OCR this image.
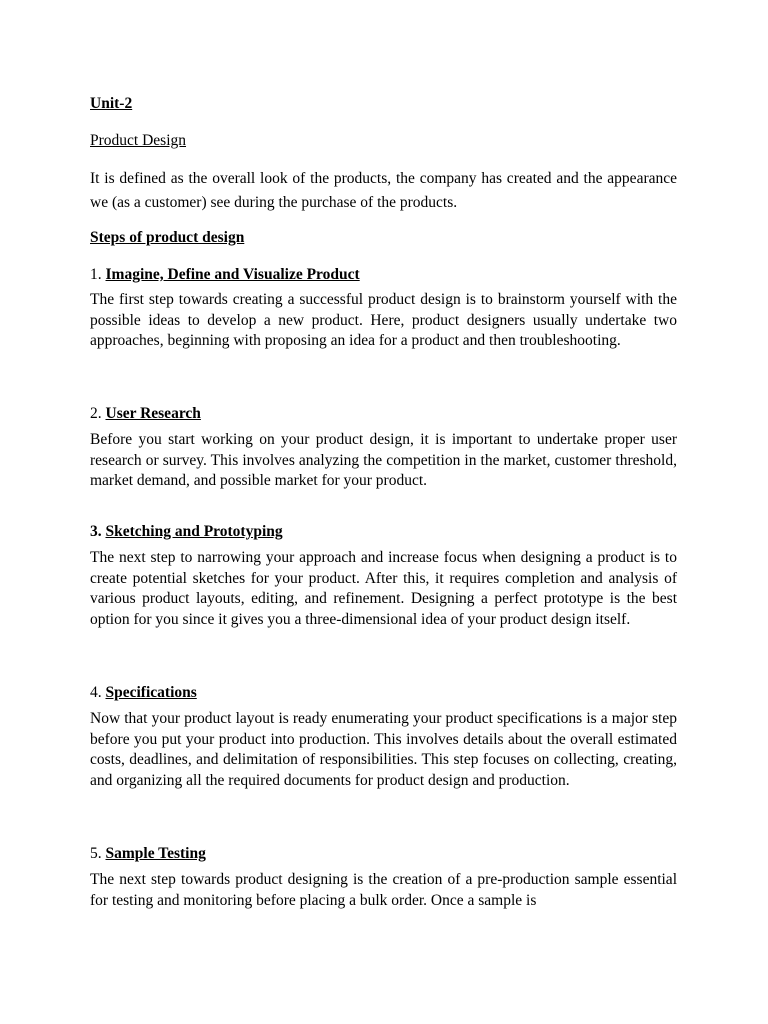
Unit-2
Product Design
It is defined as the overall look of the products, the company has created and the appearance we (as a customer) see during the purchase of the products.
Steps of product design
1. Imagine, Define and Visualize Product
The first step towards creating a successful product design is to brainstorm yourself with the possible ideas to develop a new product. Here, product designers usually undertake two approaches, beginning with proposing an idea for a product and then troubleshooting.
2. User Research
Before you start working on your product design, it is important to undertake proper user research or survey. This involves analyzing the competition in the market, customer threshold, market demand, and possible market for your product.
3. Sketching and Prototyping
The next step to narrowing your approach and increase focus when designing a product is to create potential sketches for your product. After this, it requires completion and analysis of various product layouts, editing, and refinement. Designing a perfect prototype is the best option for you since it gives you a three-dimensional idea of your product design itself.
4. Specifications
Now that your product layout is ready enumerating your product specifications is a major step before you put your product into production. This involves details about the overall estimated costs, deadlines, and delimitation of responsibilities. This step focuses on collecting, creating, and organizing all the required documents for product design and production.
5. Sample Testing
The next step towards product designing is the creation of a pre-production sample essential for testing and monitoring before placing a bulk order. Once a sample is
